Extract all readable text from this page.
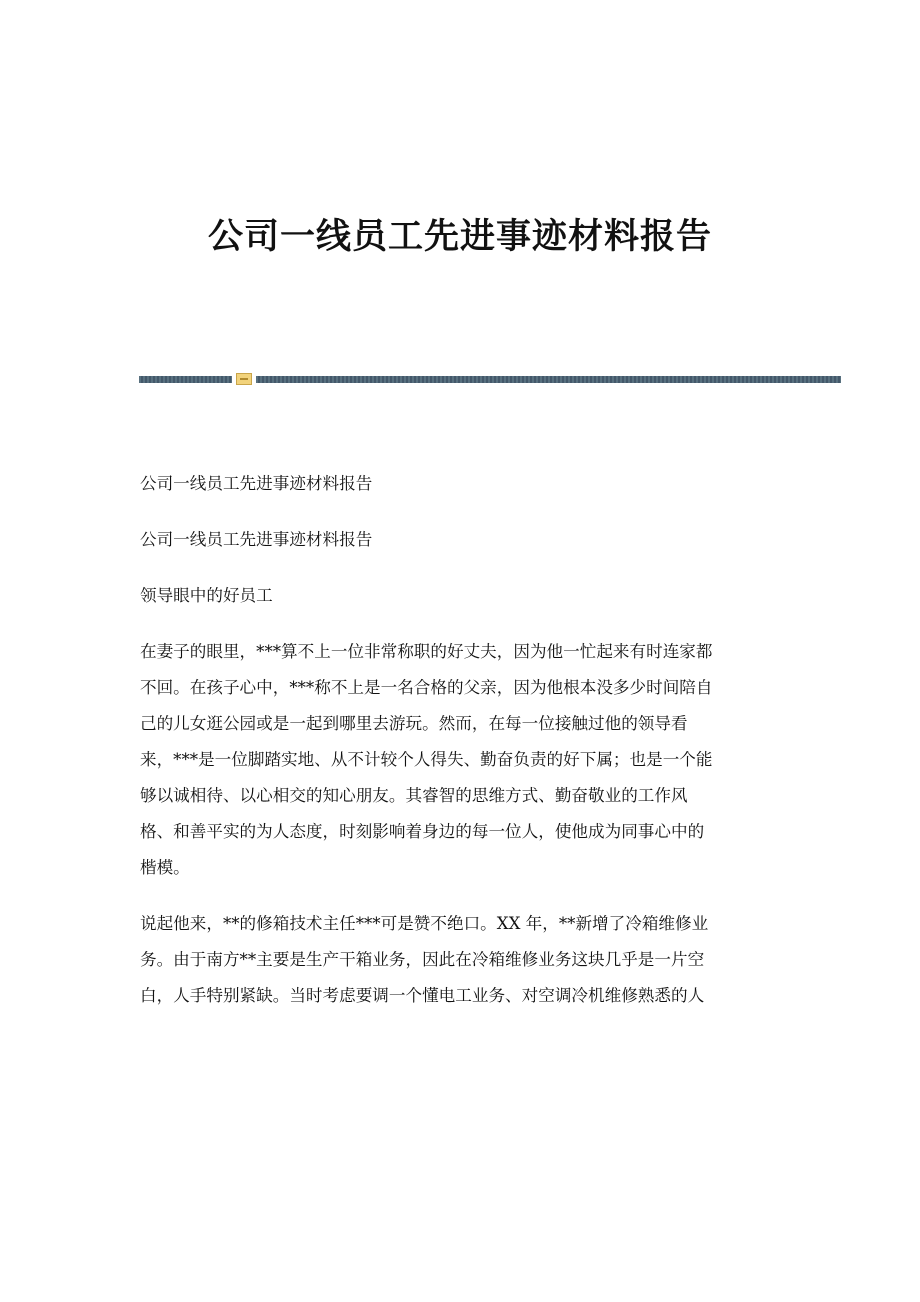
公司一线员工先进事迹材料报告
公司一线员工先进事迹材料报告
公司一线员工先进事迹材料报告
领导眼中的好员工
在妻子的眼里，***算不上一位非常称职的好丈夫，因为他一忙起来有时连家都
不回。在孩子心中，***称不上是一名合格的父亲，因为他根本没多少时间陪自
己的儿女逛公园或是一起到哪里去游玩。然而，在每一位接触过他的领导看
来，***是一位脚踏实地、从不计较个人得失、勤奋负责的好下属；也是一个能
够以诚相待、以心相交的知心朋友。其睿智的思维方式、勤奋敬业的工作风
格、和善平实的为人态度，时刻影响着身边的每一位人，使他成为同事心中的
楷模。
说起他来，**的修箱技术主任***可是赞不绝口。XX 年，**新增了冷箱维修业
务。由于南方**主要是生产干箱业务，因此在冷箱维修业务这块几乎是一片空
白，人手特别紧缺。当时考虑要调一个懂电工业务、对空调冷机维修熟悉的人
